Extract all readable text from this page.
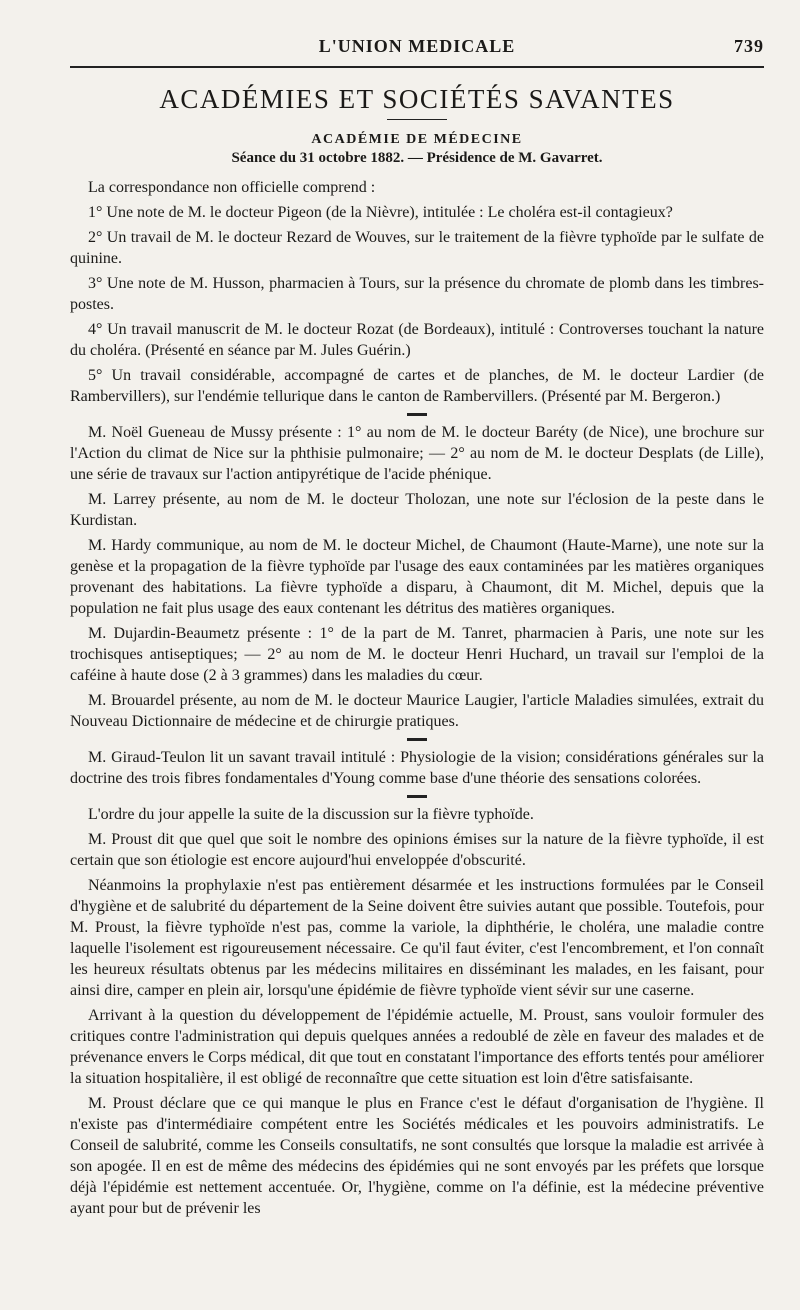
L'UNION MEDICALE	739
ACADÉMIES ET SOCIÉTÉS SAVANTES
ACADÉMIE DE MÉDECINE
Séance du 31 octobre 1882. — Présidence de M. Gavarret.

La correspondance non officielle comprend :

1° Une note de M. le docteur Pigeon (de la Nièvre), intitulée : Le choléra est-il contagieux?

2° Un travail de M. le docteur Rezard de Wouves, sur le traitement de la fièvre typhoïde par le sulfate de quinine.

3° Une note de M. Husson, pharmacien à Tours, sur la présence du chromate de plomb dans les timbres-postes.

4° Un travail manuscrit de M. le docteur Rozat (de Bordeaux), intitulé : Controverses touchant la nature du choléra. (Présenté en séance par M. Jules Guérin.)

5° Un travail considérable, accompagné de cartes et de planches, de M. le docteur Lardier (de Rambervillers), sur l'endémie tellurique dans le canton de Rambervillers. (Présenté par M. Bergeron.)

M. Noël Gueneau de Mussy présente : 1° au nom de M. le docteur Baréty (de Nice), une brochure sur l'Action du climat de Nice sur la phthisie pulmonaire; — 2° au nom de M. le docteur Desplats (de Lille), une série de travaux sur l'action antipyrétique de l'acide phénique.

M. Larrey présente, au nom de M. le docteur Tholozan, une note sur l'éclosion de la peste dans le Kurdistan.

M. Hardy communique, au nom de M. le docteur Michel, de Chaumont (Haute-Marne), une note sur la genèse et la propagation de la fièvre typhoïde par l'usage des eaux contaminées par les matières organiques provenant des habitations. La fièvre typhoïde a disparu, à Chaumont, dit M. Michel, depuis que la population ne fait plus usage des eaux contenant les détritus des matières organiques.

M. Dujardin-Beaumetz présente : 1° de la part de M. Tanret, pharmacien à Paris, une note sur les trochisques antiseptiques; — 2° au nom de M. le docteur Henri Huchard, un travail sur l'emploi de la caféine à haute dose (2 à 3 grammes) dans les maladies du cœur.

M. Brouardel présente, au nom de M. le docteur Maurice Laugier, l'article Maladies simulées, extrait du Nouveau Dictionnaire de médecine et de chirurgie pratiques.

M. Giraud-Teulon lit un savant travail intitulé : Physiologie de la vision; considérations générales sur la doctrine des trois fibres fondamentales d'Young comme base d'une théorie des sensations colorées.

L'ordre du jour appelle la suite de la discussion sur la fièvre typhoïde.

M. Proust dit que quel que soit le nombre des opinions émises sur la nature de la fièvre typhoïde, il est certain que son étiologie est encore aujourd'hui enveloppée d'obscurité.

Néanmoins la prophylaxie n'est pas entièrement désarmée et les instructions formulées par le Conseil d'hygiène et de salubrité du département de la Seine doivent être suivies autant que possible. Toutefois, pour M. Proust, la fièvre typhoïde n'est pas, comme la variole, la diphthérie, le choléra, une maladie contre laquelle l'isolement est rigoureusement nécessaire. Ce qu'il faut éviter, c'est l'encombrement, et l'on connaît les heureux résultats obtenus par les médecins militaires en disséminant les malades, en les faisant, pour ainsi dire, camper en plein air, lorsqu'une épidémie de fièvre typhoïde vient sévir sur une caserne.

Arrivant à la question du développement de l'épidémie actuelle, M. Proust, sans vouloir formuler des critiques contre l'administration qui depuis quelques années a redoublé de zèle en faveur des malades et de prévenance envers le Corps médical, dit que tout en constatant l'importance des efforts tentés pour améliorer la situation hospitalière, il est obligé de reconnaître que cette situation est loin d'être satisfaisante.

M. Proust déclare que ce qui manque le plus en France c'est le défaut d'organisation de l'hygiène. Il n'existe pas d'intermédiaire compétent entre les Sociétés médicales et les pouvoirs administratifs. Le Conseil de salubrité, comme les Conseils consultatifs, ne sont consultés que lorsque la maladie est arrivée à son apogée. Il en est de même des médecins des épidémies qui ne sont envoyés par les préfets que lorsque déjà l'épidémie est nettement accentuée. Or, l'hygiène, comme on l'a définie, est la médecine préventive ayant pour but de prévenir les
